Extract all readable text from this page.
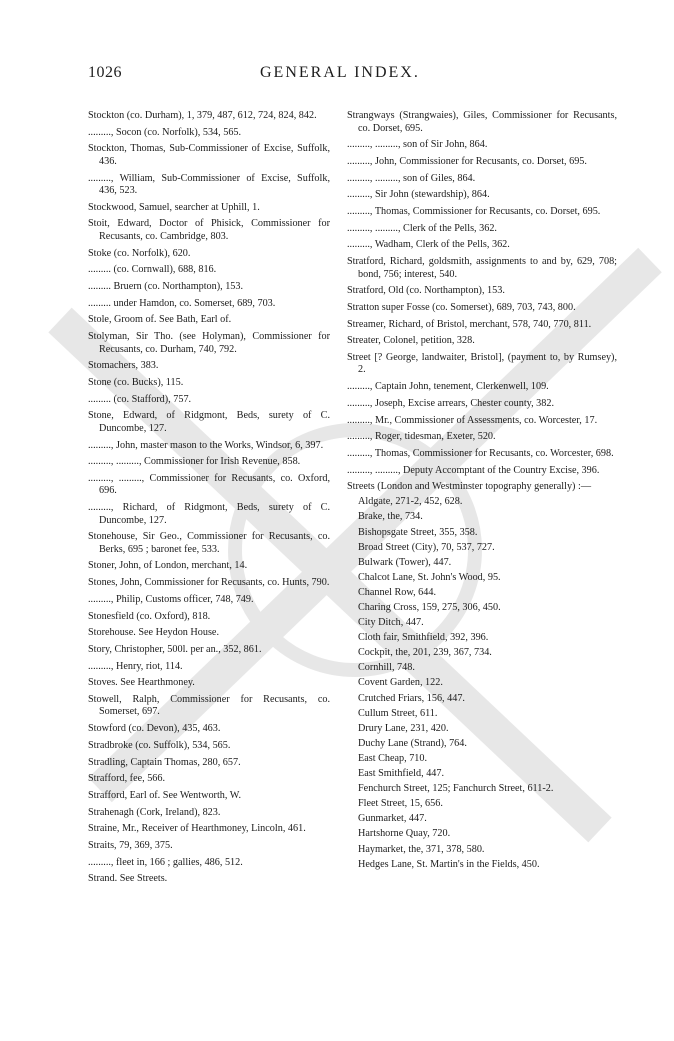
1026	GENERAL INDEX.
Stockton (co. Durham), 1, 379, 487, 612, 724, 824, 842.
........., Socon (co. Norfolk), 534, 565.
Stockton, Thomas, Sub-Commissioner of Excise, Suffolk, 436.
........., William, Sub-Commissioner of Excise, Suffolk, 436, 523.
Stockwood, Samuel, searcher at Uphill, 1.
Stoit, Edward, Doctor of Phisick, Commissioner for Recusants, co. Cambridge, 803.
Stoke (co. Norfolk), 620.
......... (co. Cornwall), 688, 816.
......... Bruern (co. Northampton), 153.
......... under Hamdon, co. Somerset, 689, 703.
Stole, Groom of. See Bath, Earl of.
Stolyman, Sir Tho. (see Holyman), Commissioner for Recusants, co. Durham, 740, 792.
Stomachers, 383.
Stone (co. Bucks), 115.
......... (co. Stafford), 757.
Stone, Edward, of Ridgmont, Beds, surety of C. Duncombe, 127.
........., John, master mason to the Works, Windsor, 6, 397.
........., ........., Commissioner for Irish Revenue, 858.
........., ........., Commissioner for Recusants, co. Oxford, 696.
........., Richard, of Ridgmont, Beds, surety of C. Duncombe, 127.
Stonehouse, Sir Geo., Commissioner for Recusants, co. Berks, 695 ; baronet fee, 533.
Stoner, John, of London, merchant, 14.
Stones, John, Commissioner for Recusants, co. Hunts, 790.
........., Philip, Customs officer, 748, 749.
Stonesfield (co. Oxford), 818.
Storehouse. See Heydon House.
Story, Christopher, 500l. per an., 352, 861.
........., Henry, riot, 114.
Stoves. See Hearthmoney.
Stowell, Ralph, Commissioner for Recusants, co. Somerset, 697.
Stowford (co. Devon), 435, 463.
Stradbroke (co. Suffolk), 534, 565.
Stradling, Captain Thomas, 280, 657.
Strafford, fee, 566.
Strafford, Earl of. See Wentworth, W.
Strahenagh (Cork, Ireland), 823.
Straine, Mr., Receiver of Hearthmoney, Lincoln, 461.
Straits, 79, 369, 375.
........., fleet in, 166 ; gallies, 486, 512.
Strand. See Streets.
Strangways (Strangwaies), Giles, Commissioner for Recusants, co. Dorset, 695.
........., ........., son of Sir John, 864.
........., John, Commissioner for Recusants, co. Dorset, 695.
........., ........., son of Giles, 864.
........., Sir John (stewardship), 864.
........., Thomas, Commissioner for Recusants, co. Dorset, 695.
........., ........., Clerk of the Pells, 362.
........., Wadham, Clerk of the Pells, 362.
Stratford, Richard, goldsmith, assignments to and by, 629, 708; bond, 756; interest, 540.
Stratford, Old (co. Northampton), 153.
Stratton super Fosse (co. Somerset), 689, 703, 743, 800.
Streamer, Richard, of Bristol, merchant, 578, 740, 770, 811.
Streater, Colonel, petition, 328.
Street [? George, landwaiter, Bristol], (payment to, by Rumsey), 2.
........., Captain John, tenement, Clerkenwell, 109.
........., Joseph, Excise arrears, Chester county, 382.
........., Mr., Commissioner of Assessments, co. Worcester, 17.
........., Roger, tidesman, Exeter, 520.
........., Thomas, Commissioner for Recusants, co. Worcester, 698.
........., ........., Deputy Accomptant of the Country Excise, 396.
Streets (London and Westminster topography generally) :—
Aldgate, 271-2, 452, 628.
Brake, the, 734.
Bishopsgate Street, 355, 358.
Broad Street (City), 70, 537, 727.
Bulwark (Tower), 447.
Chalcot Lane, St. John's Wood, 95.
Channel Row, 644.
Charing Cross, 159, 275, 306, 450.
City Ditch, 447.
Cloth fair, Smithfield, 392, 396.
Cockpit, the, 201, 239, 367, 734.
Cornhill, 748.
Covent Garden, 122.
Crutched Friars, 156, 447.
Cullum Street, 611.
Drury Lane, 231, 420.
Duchy Lane (Strand), 764.
East Cheap, 710.
East Smithfield, 447.
Fenchurch Street, 125; Fanchurch Street, 611-2.
Fleet Street, 15, 656.
Gunmarket, 447.
Hartshorne Quay, 720.
Haymarket, the, 371, 378, 580.
Hedges Lane, St. Martin's in the Fields, 450.
